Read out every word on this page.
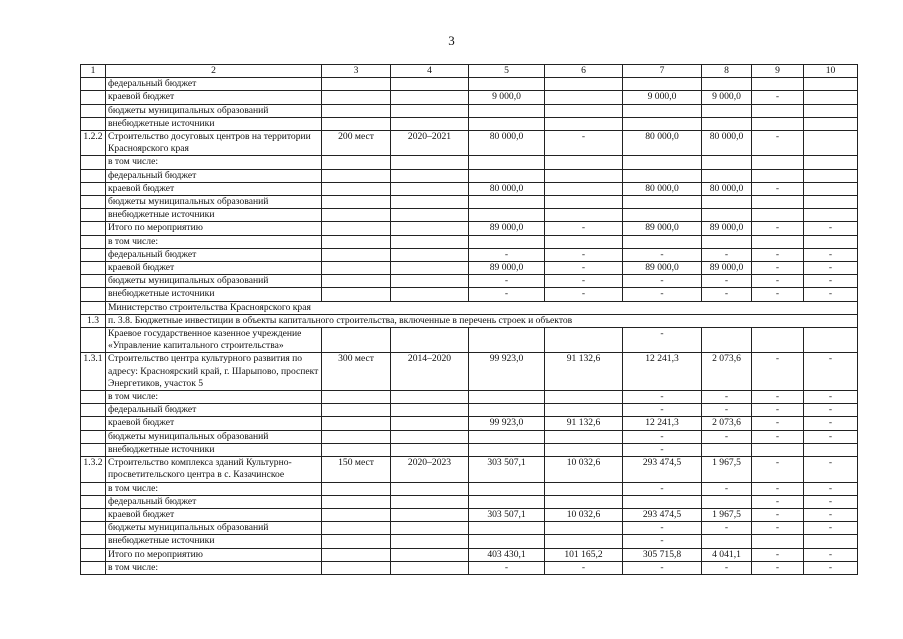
3
1	2	3	4	5	6	7	8	9	10
	федеральный бюджет								
	краевой бюджет			9 000,0		9 000,0	9 000,0	-	
	бюджеты муниципальных образований								
	внебюджетные источники								
1.2.2	Строительство досуговых центров на территории Красноярского края	200 мест	2020–2021	80 000,0	-	80 000,0	80 000,0	-	
	в том числе:								
	федеральный бюджет								
	краевой бюджет			80 000,0		80 000,0	80 000,0	-	
	бюджеты муниципальных образований								
	внебюджетные источники								
	Итого по мероприятию			89 000,0	-	89 000,0	89 000,0	-	-
	в том числе:								
	федеральный бюджет			-	-	-	-	-	-
	краевой бюджет			89 000,0	-	89 000,0	89 000,0	-	-
	бюджеты муниципальных образований			-	-	-	-	-	-
	внебюджетные источники			-	-	-	-	-	-
	Министерство строительства Красноярского края								
1.3	п. 3.8. Бюджетные инвестиции в объекты капитального строительства, включенные в перечень строек и объектов								
	Краевое государственное казенное учреждение «Управление капитального строительства»					-			
1.3.1	Строительство центра культурного развития по адресу: Красноярский край, г. Шарыпово, проспект Энергетиков, участок 5	300 мест	2014–2020	99 923,0	91 132,6	12 241,3	2 073,6	-	-
	в том числе:					-	-	-	-
	федеральный бюджет					-	-	-	-
	краевой бюджет			99 923,0	91 132,6	12 241,3	2 073,6	-	-
	бюджеты муниципальных образований					-	-	-	-
	внебюджетные источники					-			
1.3.2	Строительство комплекса зданий Культурно-просветительского центра в с. Казачинское	150 мест	2020–2023	303 507,1	10 032,6	293 474,5	1 967,5	-	-
	в том числе:					-	-	-	-
	федеральный бюджет							-	-
	краевой бюджет			303 507,1	10 032,6	293 474,5	1 967,5	-	-
	бюджеты муниципальных образований					-	-	-	-
	внебюджетные источники					-			
	Итого по мероприятию			403 430,1	101 165,2	305 715,8	4 041,1	-	-
	в том числе:			-	-	-	-	-	-
